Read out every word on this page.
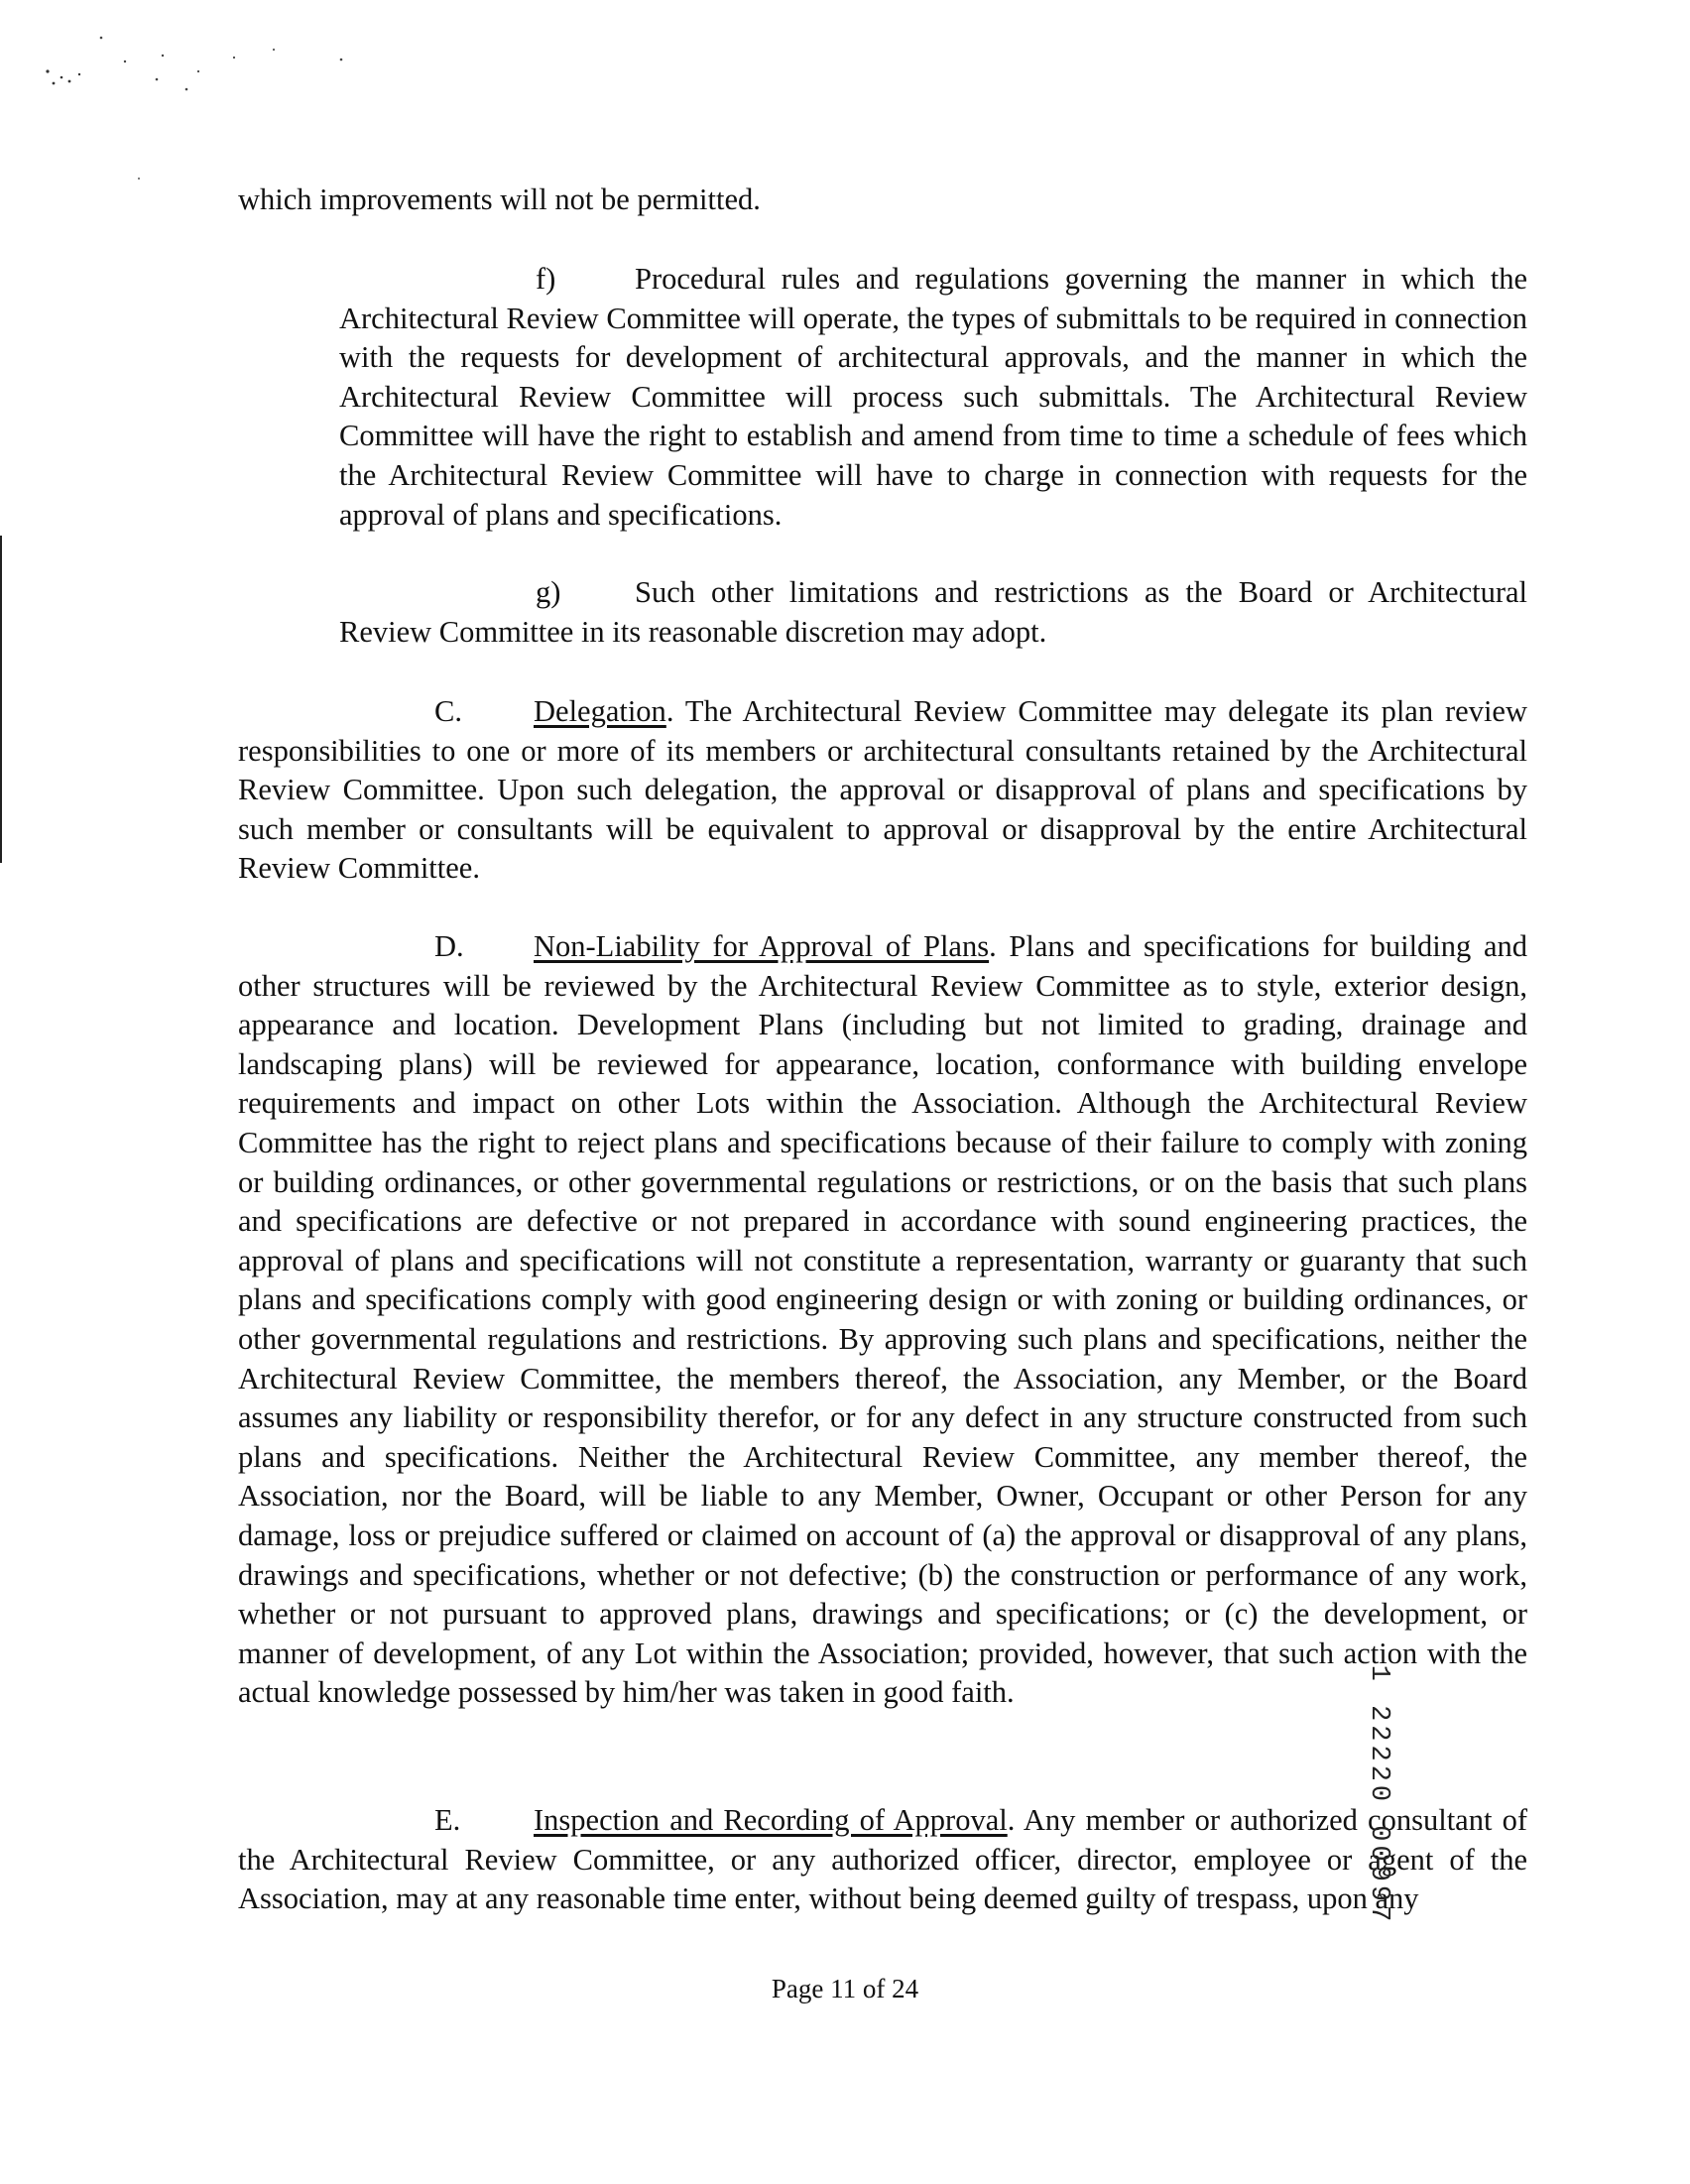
which improvements will not be permitted.

f)	Procedural rules and regulations governing the manner in which the Architectural Review Committee will operate, the types of submittals to be required in connection with the requests for development of architectural approvals, and the manner in which the Architectural Review Committee will process such submittals. The Architectural Review Committee will have the right to establish and amend from time to time a schedule of fees which the Architectural Review Committee will have to charge in connection with requests for the approval of plans and specifications.

g) Such other limitations and restrictions as the Board or Architectural Review Committee in its reasonable discretion may adopt.

C. Delegation. The Architectural Review Committee may delegate its plan review responsibilities to one or more of its members or architectural consultants retained by the Architectural Review Committee. Upon such delegation, the approval or disapproval of plans and specifications by such member or consultants will be equivalent to approval or disapproval by the entire Architectural Review Committee.

D. Non-Liability for Approval of Plans. Plans and specifications for building and other structures will be reviewed by the Architectural Review Committee as to style, exterior design, appearance and location. Development Plans (including but not limited to grading, drainage and landscaping plans) will be reviewed for appearance, location, conformance with building envelope requirements and impact on other Lots within the Association. Although the Architectural Review Committee has the right to reject plans and specifications because of their failure to comply with zoning or building ordinances, or other governmental regulations or restrictions, or on the basis that such plans and specifications are defective or not prepared in accordance with sound engineering practices, the approval of plans and specifications will not constitute a representation, warranty or guaranty that such plans and specifications comply with good engineering design or with zoning or building ordinances, or other governmental regulations and restrictions. By approving such plans and specifications, neither the Architectural Review Committee, the members thereof, the Association, any Member, or the Board assumes any liability or responsibility therefor, or for any defect in any structure constructed from such plans and specifications. Neither the Architectural Review Committee, any member thereof, the Association, nor the Board, will be liable to any Member, Owner, Occupant or other Person for any damage, loss or prejudice suffered or claimed on account of (a) the approval or disapproval of any plans, drawings and specifications, whether or not defective; (b) the construction or performance of any work, whether or not pursuant to approved plans, drawings and specifications; or (c) the development, or manner of development, of any Lot within the Association; provided, however, that such action with the actual knowledge possessed by him/her was taken in good faith.

E. Inspection and Recording of Approval. Any member or authorized consultant of the Architectural Review Committee, or any authorized officer, director, employee or agent of the Association, may at any reasonable time enter, without being deemed guilty of trespass, upon any

Page 11 of 24
1 22220 00997
